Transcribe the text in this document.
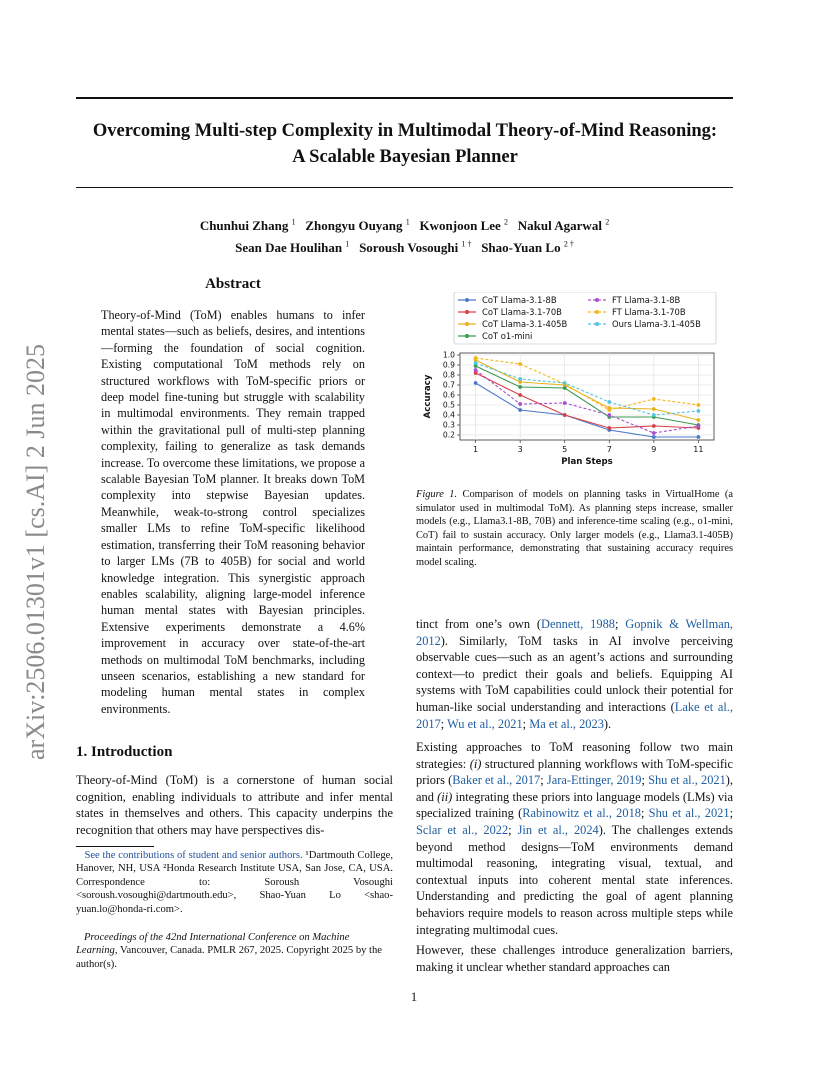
Overcoming Multi-step Complexity in Multimodal Theory-of-Mind Reasoning:
A Scalable Bayesian Planner
Chunhui Zhang $^1$ Zhongyu Ouyang $^1$ Kwonjoon Lee $^2$ Nakul Agarwal $^2$
Sean Dae Houlihan $^1$ Soroush Vosoughi $^{1 \dagger}$ Shao-Yuan Lo $^{2 \dagger}$
arXiv:2506.01301v1 [cs.AI] 2 Jun 2025
Abstract
Theory-of-Mind (ToM) enables humans to infer mental states—such as beliefs, desires, and intentions—forming the foundation of social cognition. Existing computational ToM methods rely on structured workflows with ToM-specific priors or deep model fine-tuning but struggle with scalability in multimodal environments. They remain trapped within the gravitational pull of multi-step planning complexity, failing to generalize as task demands increase. To overcome these limitations, we propose a scalable Bayesian ToM planner. It breaks down ToM complexity into stepwise Bayesian updates. Meanwhile, weak-to-strong control specializes smaller LMs to refine ToM-specific likelihood estimation, transferring their ToM reasoning behavior to larger LMs (7B to 405B) for social and world knowledge integration. This synergistic approach enables scalability, aligning large-model inference human mental states with Bayesian principles. Extensive experiments demonstrate a 4.6% improvement in accuracy over state-of-the-art methods on multimodal ToM benchmarks, including unseen scenarios, establishing a new standard for modeling human mental states in complex environments.
1. Introduction
Theory-of-Mind (ToM) is a cornerstone of human social cognition, enabling individuals to attribute and infer mental states in themselves and others. This capacity underpins the recognition that others may have perspectives dis-
See the contributions of student and senior authors. ¹Dartmouth College, Hanover, NH, USA ²Honda Research Institute USA, San Jose, CA, USA. Correspondence to: Soroush Vosoughi <soroush.vosoughi@dartmouth.edu>, Shao-Yuan Lo <shao-yuan.lo@honda-ri.com>.
Proceedings of the 42nd International Conference on Machine Learning, Vancouver, Canada. PMLR 267, 2025. Copyright 2025 by the author(s).
CoT Llama-3.1-8B
CoT Llama-3.1-70B
CoT Llama-3.1-405B
CoT o1-mini
FT Llama-3.1-8B
FT Llama-3.1-70B
Ours Llama-3.1-405B
0.2
0.3
0.4
0.5
0.6
0.7
0.8
0.9
1.0
1	3	5	7	9	11
Plan Steps
Accuracy
Figure 1. Comparison of models on planning tasks in VirtualHome (a simulator used in multimodal ToM). As planning steps increase, smaller models (e.g., Llama3.1-8B, 70B) and inference-time scaling (e.g., o1-mini, CoT) fail to sustain accuracy. Only larger models (e.g., Llama3.1-405B) maintain performance, demonstrating that sustaining accuracy requires model scaling.
tinct from one’s own (Dennett, 1988; Gopnik & Wellman, 2012). Similarly, ToM tasks in AI involve perceiving observable cues—such as an agent’s actions and surrounding context—to predict their goals and beliefs. Equipping AI systems with ToM capabilities could unlock their potential for human-like social understanding and interactions (Lake et al., 2017; Wu et al., 2021; Ma et al., 2023).
Existing approaches to ToM reasoning follow two main strategies: (i) structured planning workflows with ToM-specific priors (Baker et al., 2017; Jara-Ettinger, 2019; Shu et al., 2021), and (ii) integrating these priors into language models (LMs) via specialized training (Rabinowitz et al., 2018; Shu et al., 2021; Sclar et al., 2022; Jin et al., 2024). The challenges extends beyond method designs—ToM environments demand multimodal reasoning, integrating visual, textual, and contextual inputs into coherent mental state inferences. Understanding and predicting the goal of agent planning behaviors require models to reason across multiple steps while integrating multimodal cues.
However, these challenges introduce generalization barriers, making it unclear whether standard approaches can
1
